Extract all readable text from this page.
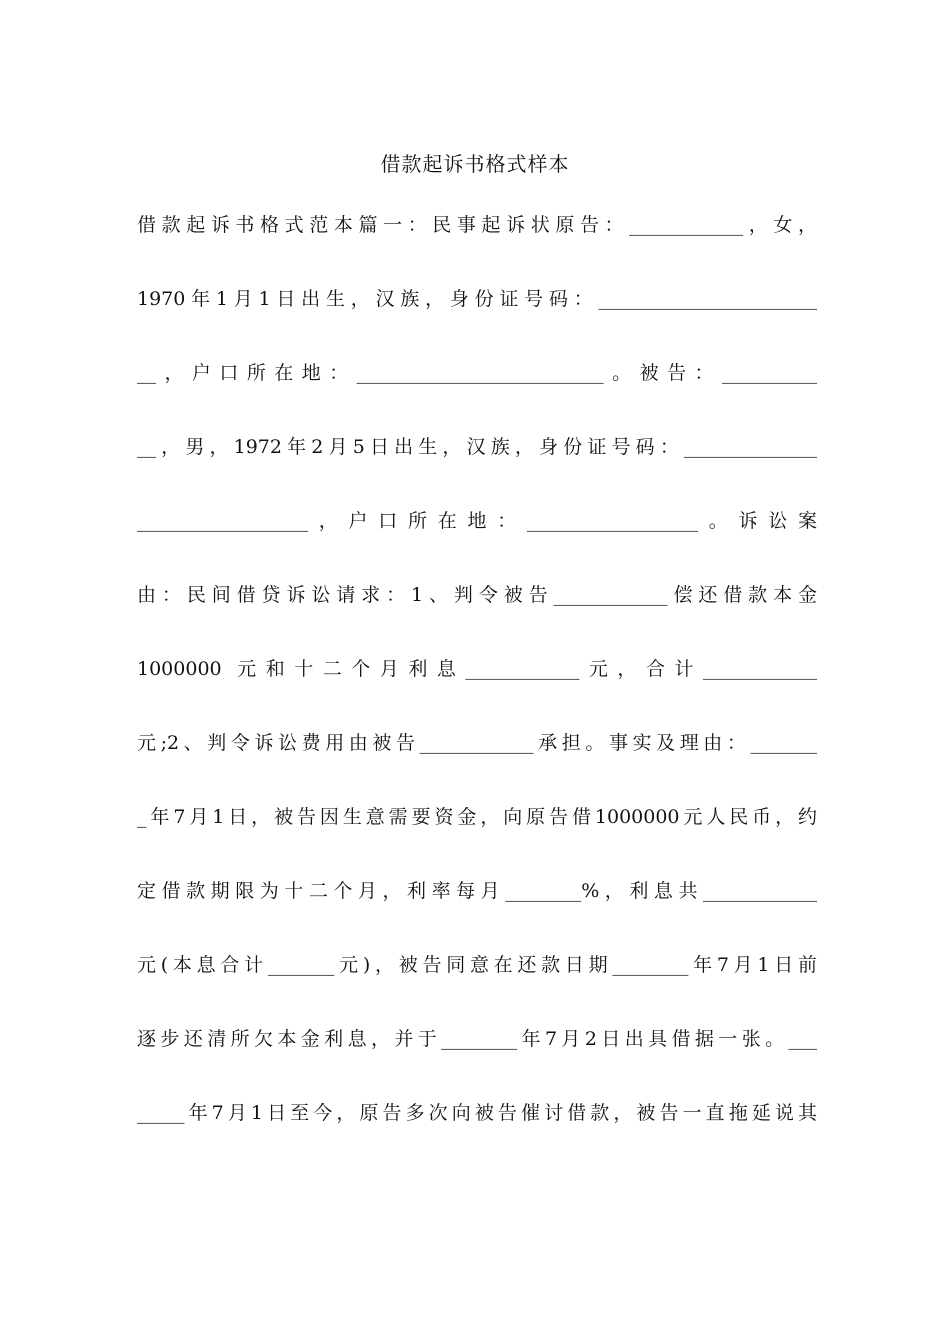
借款起诉书格式样本
借款起诉书格式范本篇一：民事起诉状原告：____________，女，
1970年1月1日出生，汉族，身份证号码：_______________________
__，户口所在地：__________________________。被告：__________
__，男，1972年2月5日出生，汉族，身份证号码：______________
__________________，户口所在地：__________________。诉讼案
由：民间借贷诉讼请求：1、判令被告____________偿还借款本金
1000000 元和十二个月利息____________元，合计____________
元;2、判令诉讼费用由被告____________承担。事实及理由：_______
_年7月1日，被告因生意需要资金，向原告借1000000元人民币，约
定借款期限为十二个月，利率每月________%，利息共____________
元(本息合计_______元)，被告同意在还款日期________年7月1日前
逐步还清所欠本金利息，并于________年7月2日出具借据一张。___
_____年7月1日至今，原告多次向被告催讨借款，被告一直拖延说其
